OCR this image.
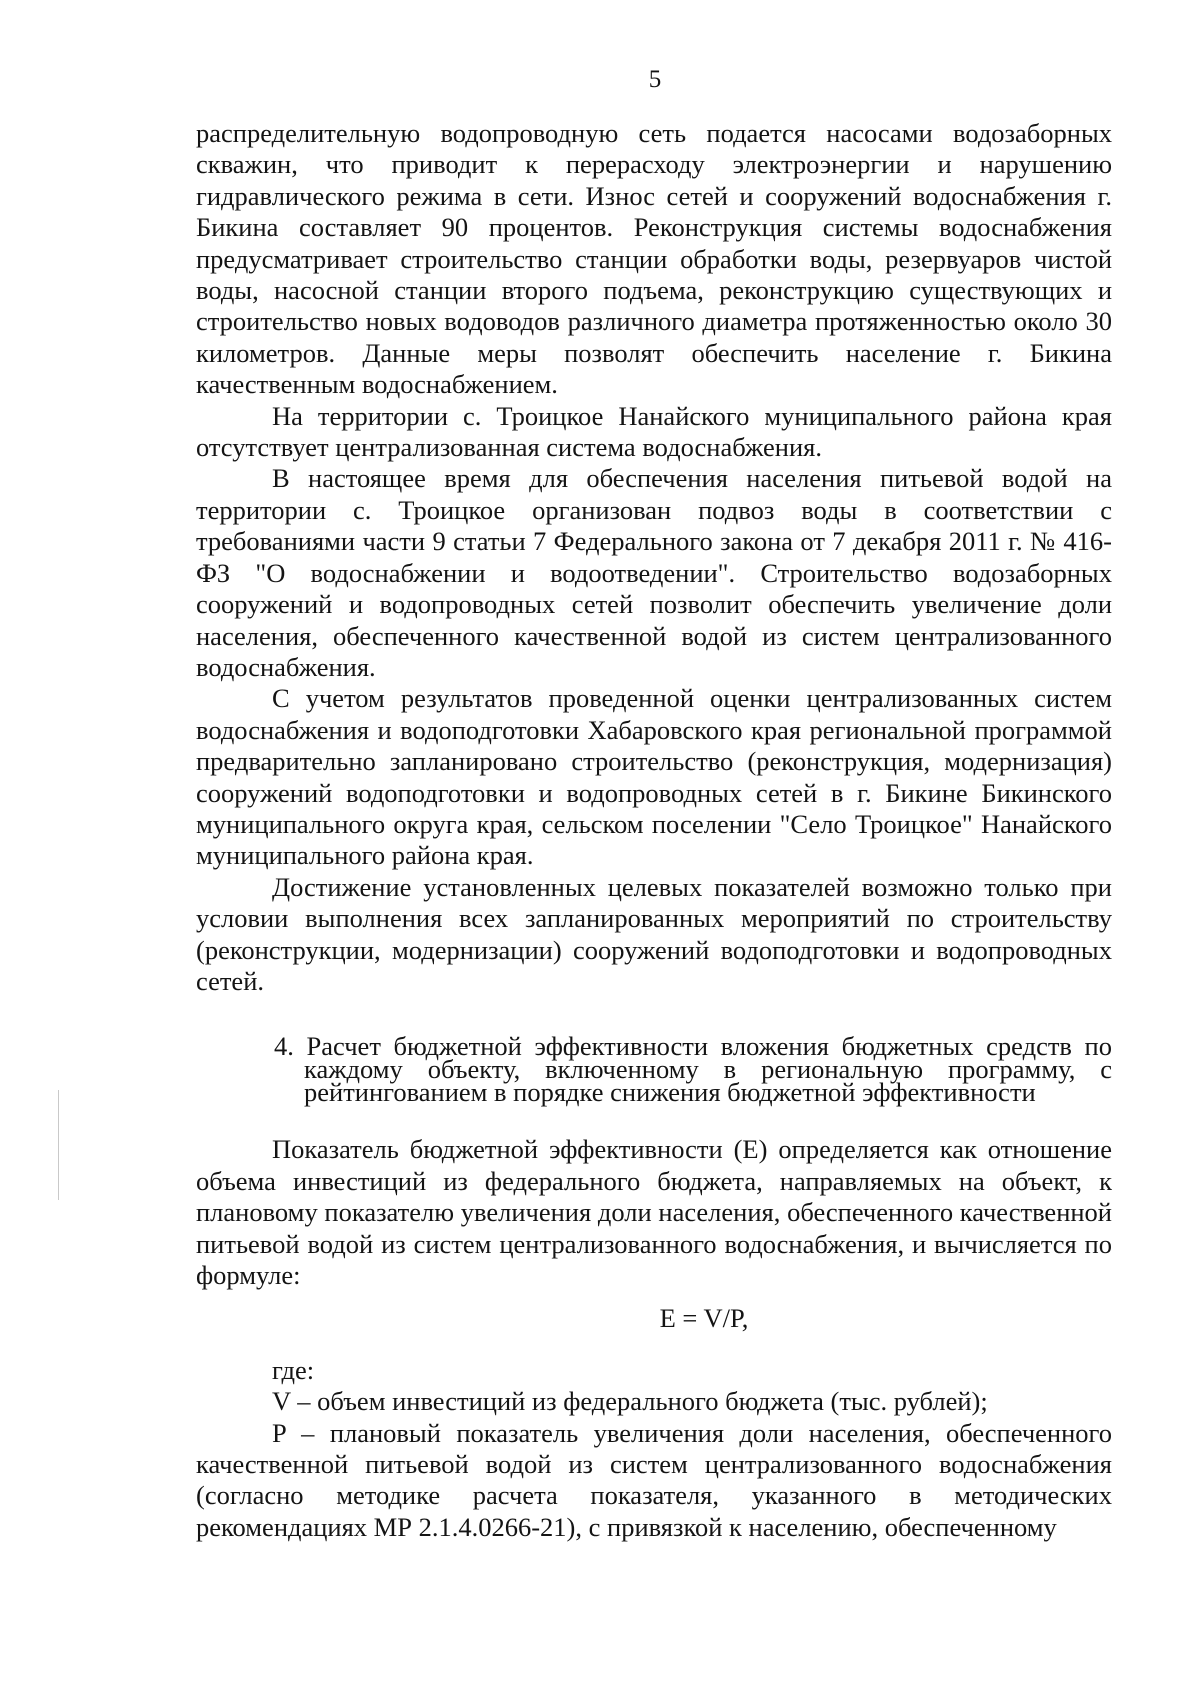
5

распределительную водопроводную сеть подается насосами водозаборных скважин, что приводит к перерасходу электроэнергии и нарушению гидравлического режима в сети. Износ сетей и сооружений водоснабжения г. Бикина составляет 90 процентов. Реконструкция системы водоснабжения предусматривает строительство станции обработки воды, резервуаров чистой воды, насосной станции второго подъема, реконструкцию существующих и строительство новых водоводов различного диаметра протяженностью около 30 километров. Данные меры позволят обеспечить население г. Бикина качественным водоснабжением.

На территории с. Троицкое Нанайского муниципального района края отсутствует централизованная система водоснабжения.

В настоящее время для обеспечения населения питьевой водой на территории с. Троицкое организован подвоз воды в соответствии с требованиями части 9 статьи 7 Федерального закона от 7 декабря 2011 г. № 416-ФЗ "О водоснабжении и водоотведении". Строительство водозаборных сооружений и водопроводных сетей позволит обеспечить увеличение доли населения, обеспеченного качественной водой из систем централизованного водоснабжения.

С учетом результатов проведенной оценки централизованных систем водоснабжения и водоподготовки Хабаровского края региональной программой предварительно запланировано строительство (реконструкция, модернизация) сооружений водоподготовки и водопроводных сетей в г. Бикине Бикинского муниципального округа края, сельском поселении "Село Троицкое" Нанайского муниципального района края.

Достижение установленных целевых показателей возможно только при условии выполнения всех запланированных мероприятий по строительству (реконструкции, модернизации) сооружений водоподготовки и водопроводных сетей.

4. Расчет бюджетной эффективности вложения бюджетных средств по каждому объекту, включенному в региональную программу, с рейтингованием в порядке снижения бюджетной эффективности

Показатель бюджетной эффективности (E) определяется как отношение объема инвестиций из федерального бюджета, направляемых на объект, к плановому показателю увеличения доли населения, обеспеченного качественной питьевой водой из систем централизованного водоснабжения, и вычисляется по формуле:

E = V/P,

где:

V – объем инвестиций из федерального бюджета (тыс. рублей);

P – плановый показатель увеличения доли населения, обеспеченного качественной питьевой водой из систем централизованного водоснабжения (согласно методике расчета показателя, указанного в методических рекомендациях МР 2.1.4.0266-21), с привязкой к населению, обеспеченному
